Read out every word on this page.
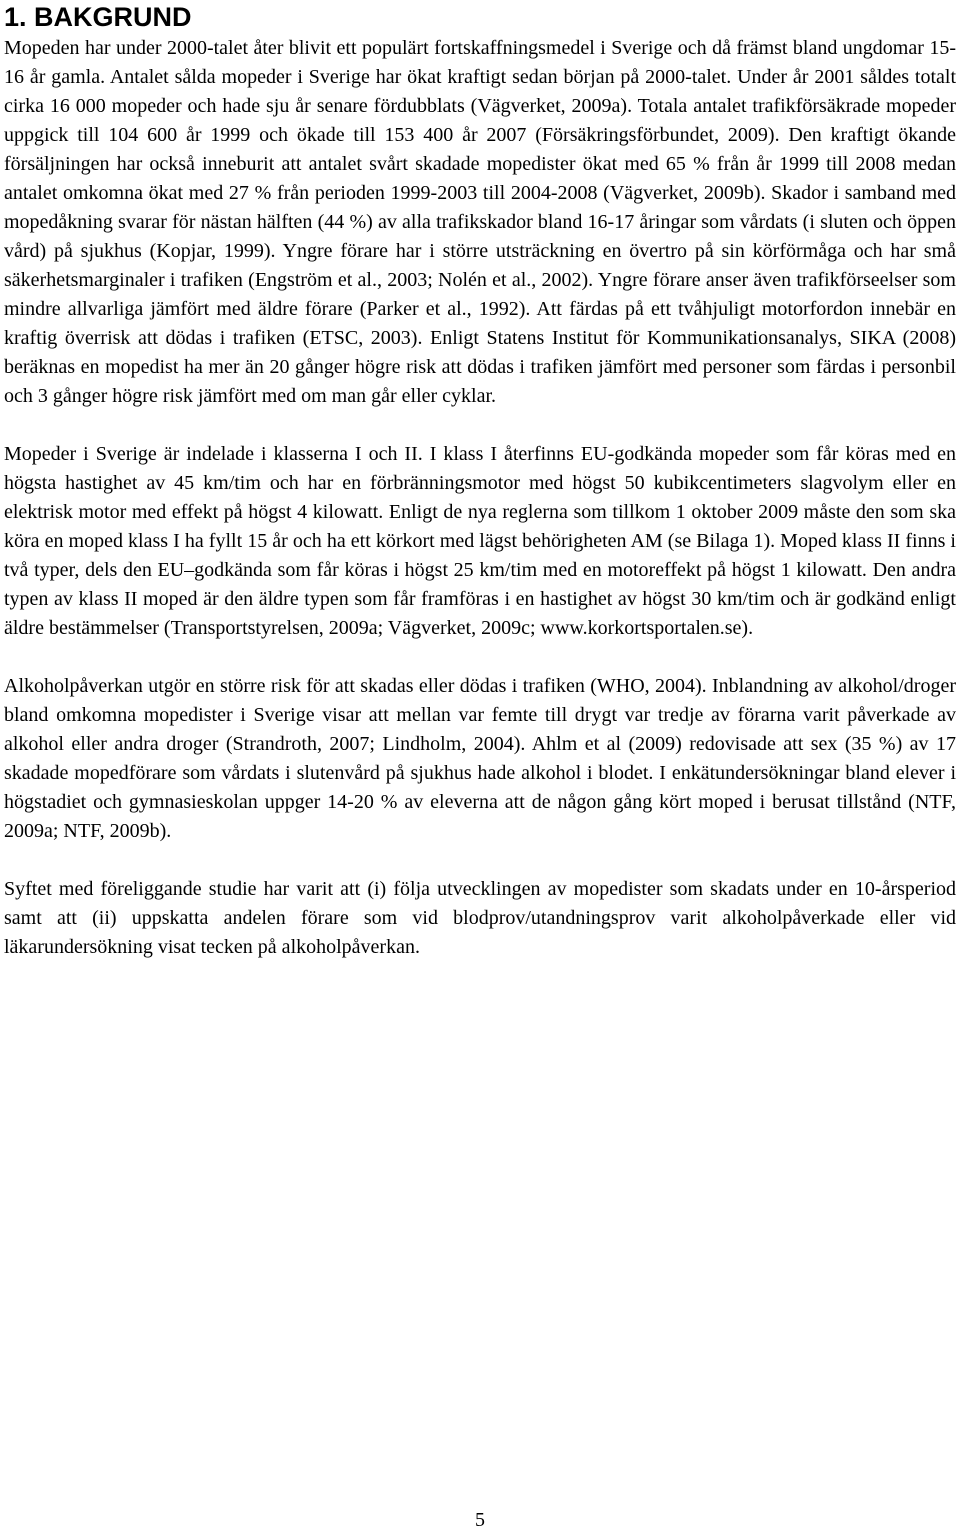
1. BAKGRUND

Mopeden har under 2000-talet åter blivit ett populärt fortskaffningsmedel i Sverige och då främst bland ungdomar 15-16 år gamla. Antalet sålda mopeder i Sverige har ökat kraftigt sedan början på 2000-talet. Under år 2001 såldes totalt cirka 16 000 mopeder och hade sju år senare fördubblats (Vägverket, 2009a). Totala antalet trafikförsäkrade mopeder uppgick till 104 600 år 1999 och ökade till 153 400 år 2007 (Försäkringsförbundet, 2009). Den kraftigt ökande försäljningen har också inneburit att antalet svårt skadade mopedister ökat med 65 % från år 1999 till 2008 medan antalet omkomna ökat med 27 % från perioden 1999-2003 till 2004-2008 (Vägverket, 2009b). Skador i samband med mopedåkning svarar för nästan hälften (44 %) av alla trafikskador bland 16-17 åringar som vårdats (i sluten och öppen vård) på sjukhus (Kopjar, 1999). Yngre förare har i större utsträckning en övertro på sin körförmåga och har små säkerhetsmarginaler i trafiken (Engström et al., 2003; Nolén et al., 2002). Yngre förare anser även trafikförseelser som mindre allvarliga jämfört med äldre förare (Parker et al., 1992). Att färdas på ett tvåhjuligt motorfordon innebär en kraftig överrisk att dödas i trafiken (ETSC, 2003). Enligt Statens Institut för Kommunikationsanalys, SIKA (2008) beräknas en mopedist ha mer än 20 gånger högre risk att dödas i trafiken jämfört med personer som färdas i personbil och 3 gånger högre risk jämfört med om man går eller cyklar.

Mopeder i Sverige är indelade i klasserna I och II. I klass I återfinns EU-godkända mopeder som får köras med en högsta hastighet av 45 km/tim och har en förbränningsmotor med högst 50 kubikcentimeters slagvolym eller en elektrisk motor med effekt på högst 4 kilowatt. Enligt de nya reglerna som tillkom 1 oktober 2009 måste den som ska köra en moped klass I ha fyllt 15 år och ha ett körkort med lägst behörigheten AM (se Bilaga 1). Moped klass II finns i två typer, dels den EU–godkända som får köras i högst 25 km/tim med en motoreffekt på högst 1 kilowatt. Den andra typen av klass II moped är den äldre typen som får framföras i en hastighet av högst 30 km/tim och är godkänd enligt äldre bestämmelser (Transportstyrelsen, 2009a; Vägverket, 2009c; www.korkortsportalen.se).

Alkoholpåverkan utgör en större risk för att skadas eller dödas i trafiken (WHO, 2004). Inblandning av alkohol/droger bland omkomna mopedister i Sverige visar att mellan var femte till drygt var tredje av förarna varit påverkade av alkohol eller andra droger (Strandroth, 2007; Lindholm, 2004). Ahlm et al (2009) redovisade att sex (35 %) av 17 skadade mopedförare som vårdats i slutenvård på sjukhus hade alkohol i blodet. I enkätundersökningar bland elever i högstadiet och gymnasieskolan uppger 14-20 % av eleverna att de någon gång kört moped i berusat tillstånd (NTF, 2009a; NTF, 2009b).

Syftet med föreliggande studie har varit att (i) följa utvecklingen av mopedister som skadats under en 10-årsperiod samt att (ii) uppskatta andelen förare som vid blodprov/utandningsprov varit alkoholpåverkade eller vid läkarundersökning visat tecken på alkoholpåverkan.

5
